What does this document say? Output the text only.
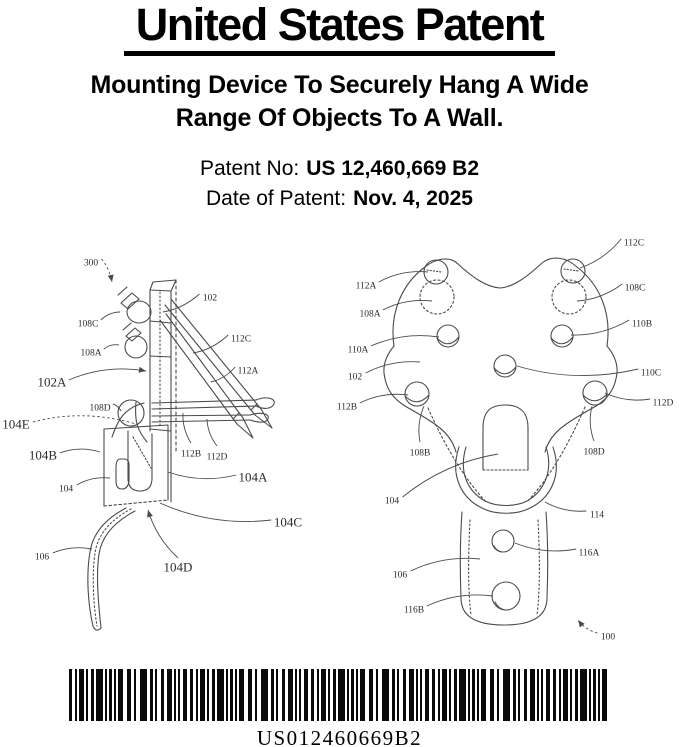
United States Patent
Mounting Device To Securely Hang A Wide
Range Of Objects To A Wall.
Patent No: US 12,460,669 B2
Date of Patent: Nov. 4, 2025
300
102
108C
112C
108A
112A
102A
108D
104E
104B	112B 112D
104
104A
104C
106
104D
112C
112A	108C
108A
110B
110A
102	110C
112B	112D
108B	108D
104
114
116A
106
116B
100
US012460669B2
